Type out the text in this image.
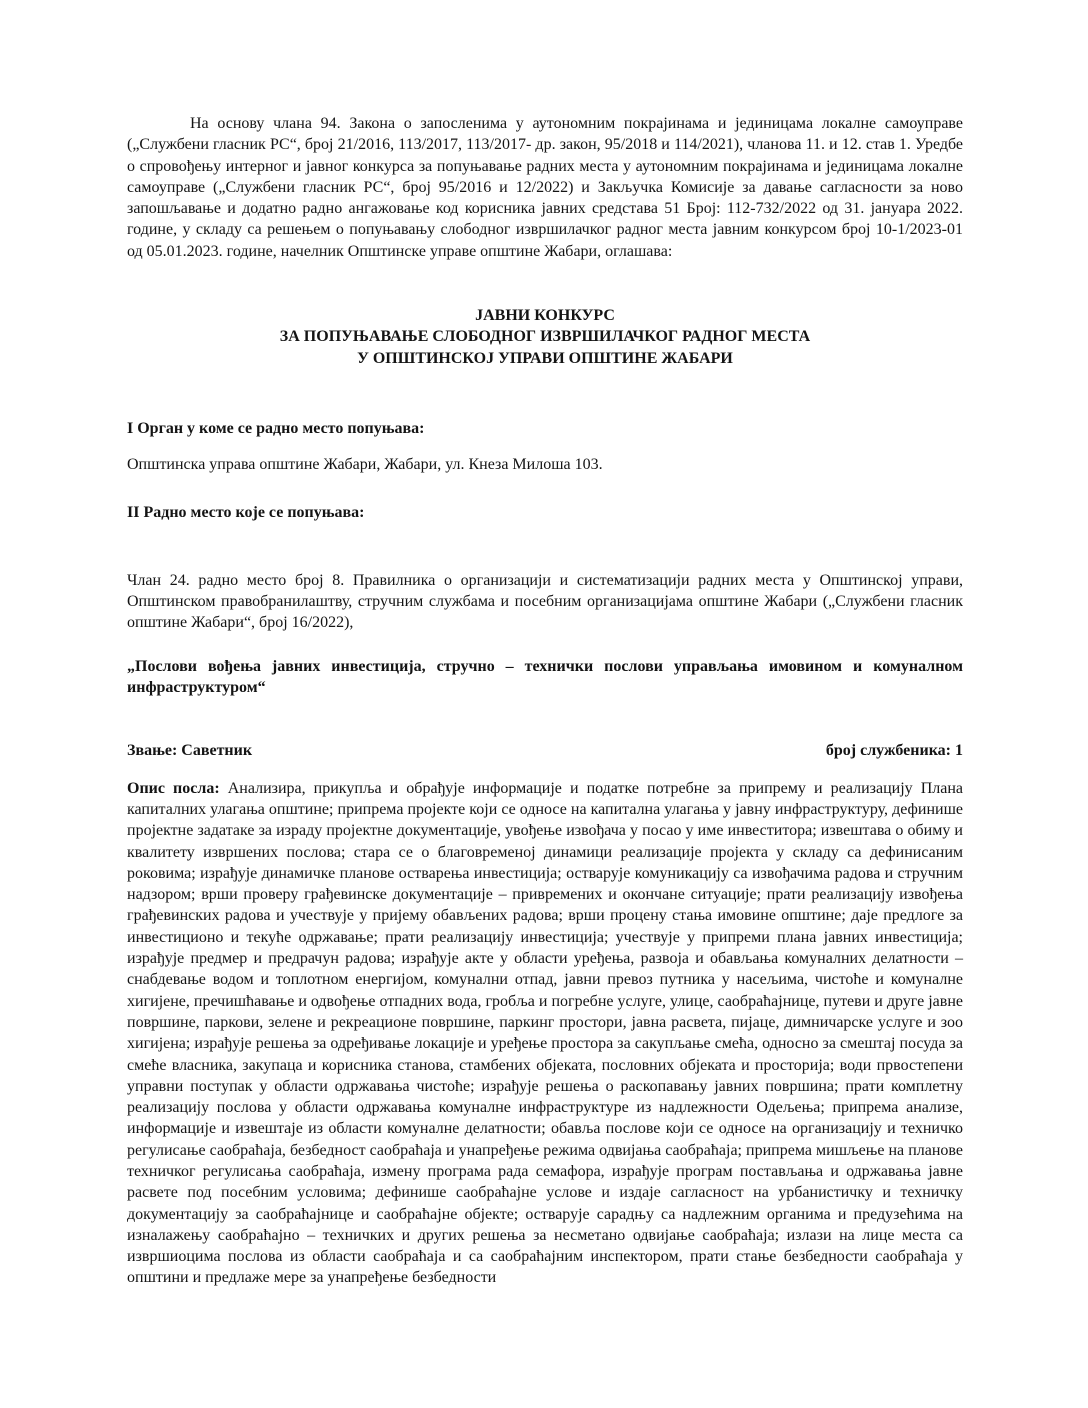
На основу члана 94. Закона о запосленима у аутономним покрајинама и јединицама локалне самоуправе („Службени гласник РС“, број 21/2016, 113/2017, 113/2017- др. закон, 95/2018 и 114/2021), чланова 11. и 12. став 1. Уредбе о спровођењу интерног и јавног конкурса за попуњавање радних места у аутономним покрајинама и јединицама локалне самоуправе („Службени гласник РС“, број 95/2016 и 12/2022) и Закључка Комисије за давање сагласности за ново запошљавање и додатно радно ангажовање код корисника јавних средстава 51 Број: 112-732/2022 од 31. јануара 2022. године, у складу са решењем о попуњавању слободног извршилачког радног места јавним конкурсом број 10-1/2023-01 од 05.01.2023. године, начелник Општинске управе општине Жабари, оглашава:

ЈАВНИ КОНКУРС
ЗА ПОПУЊАВАЊЕ СЛОБОДНОГ ИЗВРШИЛАЧКОГ РАДНОГ МЕСТА
У ОПШТИНСКОЈ УПРАВИ ОПШТИНЕ ЖАБАРИ

I Орган у коме се радно место попуњава:

Општинска управа општине Жабари, Жабари, ул. Кнеза Милоша 103.

II Радно место које се попуњава:

Члан 24. радно место број 8. Правилника о организацији и систематизацији радних места у Општинској управи, Општинском правобранилаштву, стручним службама и посебним организацијама општине Жабари („Службени гласник општине Жабари“, број 16/2022),

„Послови вођења јавних инвестиција, стручно – технички послови управљања имовином и комуналном инфраструктуром“

Звање: Саветник	број службеника: 1

Опис посла: Анализира, прикупља и обрађује информације и податке потребне за припрему и реализацију Плана капиталних улагања општине; припрема пројекте који се односе на капитална улагања у јавну инфраструктуру, дефинише пројектне задатаке за израду пројектне документације, увођење извођача у посао у име инвеститора; извештава о обиму и квалитету извршених послова; стара се о благовременој динамици реализације пројекта у складу са дефинисаним роковима; израђује динамичке планове остварења инвестиција; остварује комуникацију са извођачима радова и стручним надзором; врши проверу грађевинске документације – привремених и окончане ситуације; прати реализацију извођења грађевинских радова и учествује у пријему обављених радова; врши процену стања имовине општине; даје предлоге за инвестиционо и текуће одржавање; прати реализацију инвестиција; учествује у припреми плана јавних инвестиција; израђује предмер и предрачун радова; израђује акте у области уређења, развоја и обављања комуналних делатности – снабдевање водом и топлотном енергијом, комунални отпад, јавни превоз путника у насељима, чистоће и комуналне хигијене, пречишћавање и одвођење отпадних вода, гробља и погребне услуге, улице, саобраћајнице, путеви и друге јавне површине, паркови, зелене и рекреационе површине, паркинг простори, јавна расвета, пијаце, димничарске услуге и зоо хигијена; израђује решења за одређивање локације и уређење простора за сакупљање смећа, односно за смештај посуда за смеће власника, закупаца и корисника станова, стамбених објеката, пословних објеката и просторија; води првостепени управни поступак у области одржавања чистоће; израђује решења о раскопавању јавних површина; прати комплетну реализацију послова у области одржавања комуналне инфраструктуре из надлежности Одељења; припрема анализе, информације и извештаје из области комуналне делатности; обавља послове који се односе на организацију и техничко регулисање саобраћаја, безбедност саобраћаја и унапређење режима одвијања саобраћаја; припрема мишљење на планове техничког регулисања саобраћаја, измену програма рада семафора, израђује програм постављања и одржавања јавне расвете под посебним условима; дефинише саобраћајне услове и издаје сагласност на урбанистичку и техничку документацију за саобраћајнице и саобраћајне објекте; остварује сарадњу са надлежним органима и предузећима на изналажењу саобраћајно – техничких и других решења за несметано одвијање саобраћаја; излази на лице места са извршиоцима послова из области саобраћаја и са саобраћајним инспектором, прати стање безбедности саобраћаја у општини и предлаже мере за унапређење безбедности
